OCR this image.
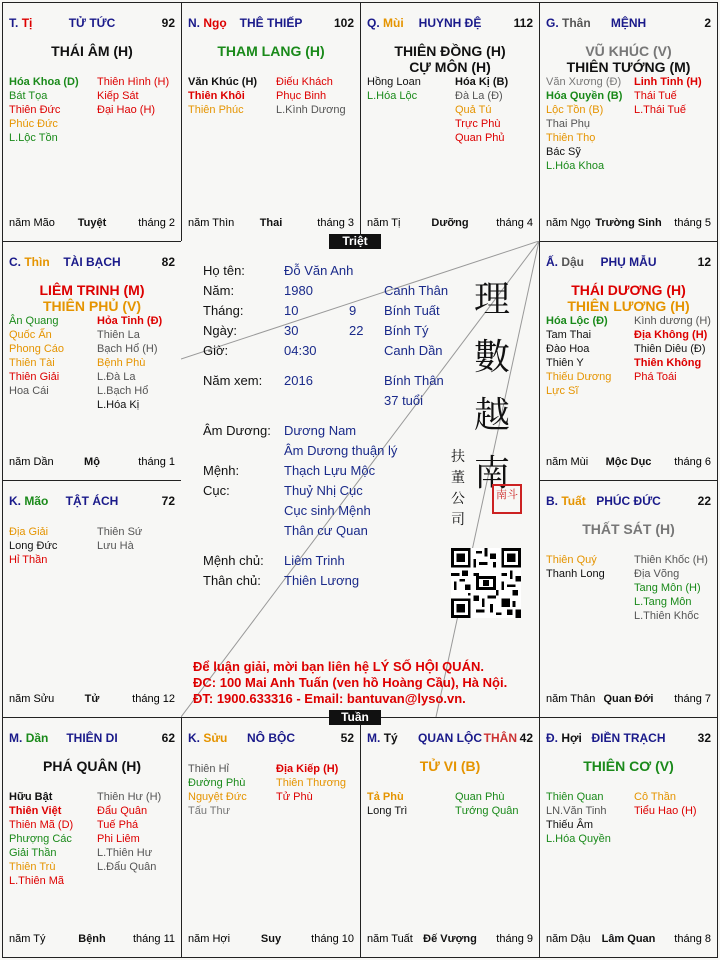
T. Tị	TỬ TỨC	92
THÁI ÂM (H)
Hóa Khoa (D)
Bát Tọa
Thiên Đức
Phúc Đức
L.Lộc Tồn
Thiên Hình (H)
Kiếp Sát
Đại Hao (H)
năm Mão	Tuyệt	tháng 2
N. Ngọ	THÊ THIẾP	102
THAM LANG (H)
Văn Khúc (H)
Thiên Khôi
Thiên Phúc
Điếu Khách
Phục Binh
L.Kình Dương
năm Thìn	Thai	tháng 3
Q. Mùi	HUYNH ĐỆ	112
THIÊN ĐỒNG (H)
CỰ MÔN (H)
Hồng Loan
L.Hóa Lộc
Hóa Kị (B)
Đà La (Đ)
Quả Tú
Trực Phù
Quan Phủ
năm Tị	Dưỡng	tháng 4
G. Thân	MỆNH	2
VŨ KHÚC (V)
THIÊN TƯỚNG (M)
Văn Xương (Đ)
Hóa Quyền (B)
Lộc Tồn (B)
Thai Phụ
Thiên Thọ
Bác Sỹ
L.Hóa Khoa
Linh Tinh (H)
Thái Tuế
L.Thái Tuế
năm Ngọ Trường Sinh	tháng 5
C. Thìn	TÀI BẠCH	82
LIÊM TRINH (M)
THIÊN PHỦ (V)
Ân Quang
Quốc Ấn
Phong Cáo
Thiên Tài
Thiên Giải
Hoa Cái
Hỏa Tinh (Đ)
Thiên La
Bạch Hổ (H)
Bệnh Phù
L.Đà La
L.Bạch Hổ
L.Hóa Kị
năm Dần	Mộ	tháng 1
Ấ. Dậu	PHỤ MẪU	12
THÁI DƯƠNG (H)
THIÊN LƯƠNG (H)
Hóa Lộc (Đ)
Tam Thai
Đào Hoa
Thiên Y
Thiếu Dương
Lực Sĩ
Kình dương (H)
Địa Không (H)
Thiên Diêu (Đ)
Thiên Không
Phá Toái
năm Mùi	Mộc Dục	tháng 6
K. Mão	TẬT ÁCH	72
Địa Giải
Long Đức
Hỉ Thần
Thiên Sứ
Lưu Hà
năm Sửu	Tử	tháng 12
B. Tuất PHÚC ĐỨC	22
THẤT SÁT (H)
Thiên Quý
Thanh Long
Thiên Khốc (H)
Địa Võng
Tang Môn (H)
L.Tang Môn
L.Thiên Khốc
năm Thân Quan Đới	tháng 7
M. Dần	THIÊN DI	62
PHÁ QUÂN (H)
Hữu Bật
Thiên Việt
Thiên Mã (D)
Phượng Các
Giải Thần
Thiên Trù
L.Thiên Mã
Thiên Hư (H)
Đẩu Quân
Tuế Phá
Phi Liêm
L.Thiên Hư
L.Đẩu Quân
năm Tý	Bệnh	tháng 11
K. Sửu	NÔ BỘC	52
Thiên Hỉ
Đường Phù
Nguyệt Đức
Tấu Thư
Địa Kiếp (H)
Thiên Thương
Tử Phù
năm Hợi	Suy	tháng 10
M. Tý	QUAN LỘC THÂN 42
TỬ VI (B)
Tả Phù
Long Trì
Quan Phù
Tướng Quân
năm Tuất Đế Vượng	tháng 9
Đ. Hợi ĐIỀN TRẠCH	32
THIÊN CƠ (V)
Thiên Quan
LN.Văn Tinh
Thiếu Âm
L.Hóa Quyền
Cô Thần
Tiểu Hao (H)
năm Dậu Lâm Quan	tháng 8
Họ tên:	Đỗ Văn Anh
Năm:	1980	Canh Thân
Tháng:	10	9 Bính Tuất
Ngày:	30	22 Bính Tý
Giờ:	04:30	Canh Dần
Năm xem: 2016	Bính Thân
37 tuổi
Âm Dương: Dương Nam
Âm Dương thuận lý
Mệnh:	Thạch Lựu Mộc
Cục:	Thuỷ Nhị Cục
Cục sinh Mệnh
Thân cư Quan
Mệnh chủ: Liêm Trinh
Thân chủ: Thiên Lương
理
數
越
南
扶
董
公
司
南斗
Để luận giải, mời bạn liên hệ LÝ SỐ HỘI QUÁN.
ĐC: 100 Mai Anh Tuấn (ven hồ Hoàng Cầu), Hà Nội.
ĐT: 1900.633316 - Email: bantuvan@lyso.vn.
Triệt
Tuần
